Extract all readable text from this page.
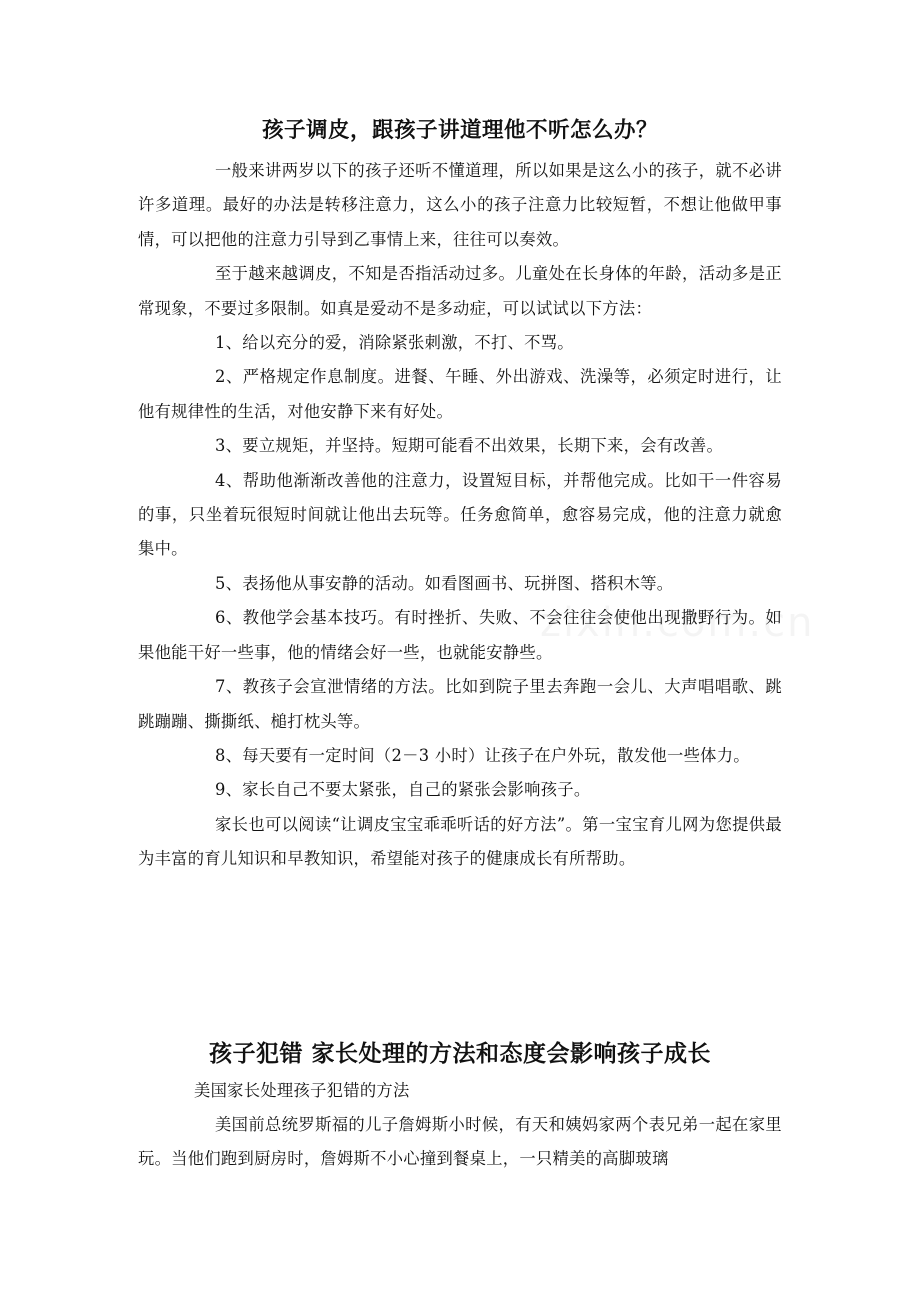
孩子调皮，跟孩子讲道理他不听怎么办？

一般来讲两岁以下的孩子还听不懂道理，所以如果是这么小的孩子，就不必讲许多道理。最好的办法是转移注意力，这么小的孩子注意力比较短暂，不想让他做甲事情，可以把他的注意力引导到乙事情上来，往往可以奏效。

至于越来越调皮，不知是否指活动过多。儿童处在长身体的年龄，活动多是正常现象，不要过多限制。如真是爱动不是多动症，可以试试以下方法：

1、给以充分的爱，消除紧张刺激，不打、不骂。

2、严格规定作息制度。进餐、午睡、外出游戏、洗澡等，必须定时进行，让他有规律性的生活，对他安静下来有好处。

3、要立规矩，并坚持。短期可能看不出效果，长期下来，会有改善。

4、帮助他渐渐改善他的注意力，设置短目标，并帮他完成。比如干一件容易的事，只坐着玩很短时间就让他出去玩等。任务愈简单，愈容易完成，他的注意力就愈集中。

5、表扬他从事安静的活动。如看图画书、玩拼图、搭积木等。

6、教他学会基本技巧。有时挫折、失败、不会往往会使他出现撒野行为。如果他能干好一些事，他的情绪会好一些，也就能安静些。

7、教孩子会宣泄情绪的方法。比如到院子里去奔跑一会儿、大声唱唱歌、跳跳蹦蹦、撕撕纸、槌打枕头等。

8、每天要有一定时间（2－3 小时）让孩子在户外玩，散发他一些体力。

9、家长自己不要太紧张，自己的紧张会影响孩子。

家长也可以阅读“让调皮宝宝乖乖听话的好方法”。第一宝宝育儿网为您提供最为丰富的育儿知识和早教知识，希望能对孩子的健康成长有所帮助。

孩子犯错 家长处理的方法和态度会影响孩子成长

美国家长处理孩子犯错的方法

美国前总统罗斯福的儿子詹姆斯小时候，有天和姨妈家两个表兄弟一起在家里玩。当他们跑到厨房时，詹姆斯不小心撞到餐桌上，一只精美的高脚玻璃
